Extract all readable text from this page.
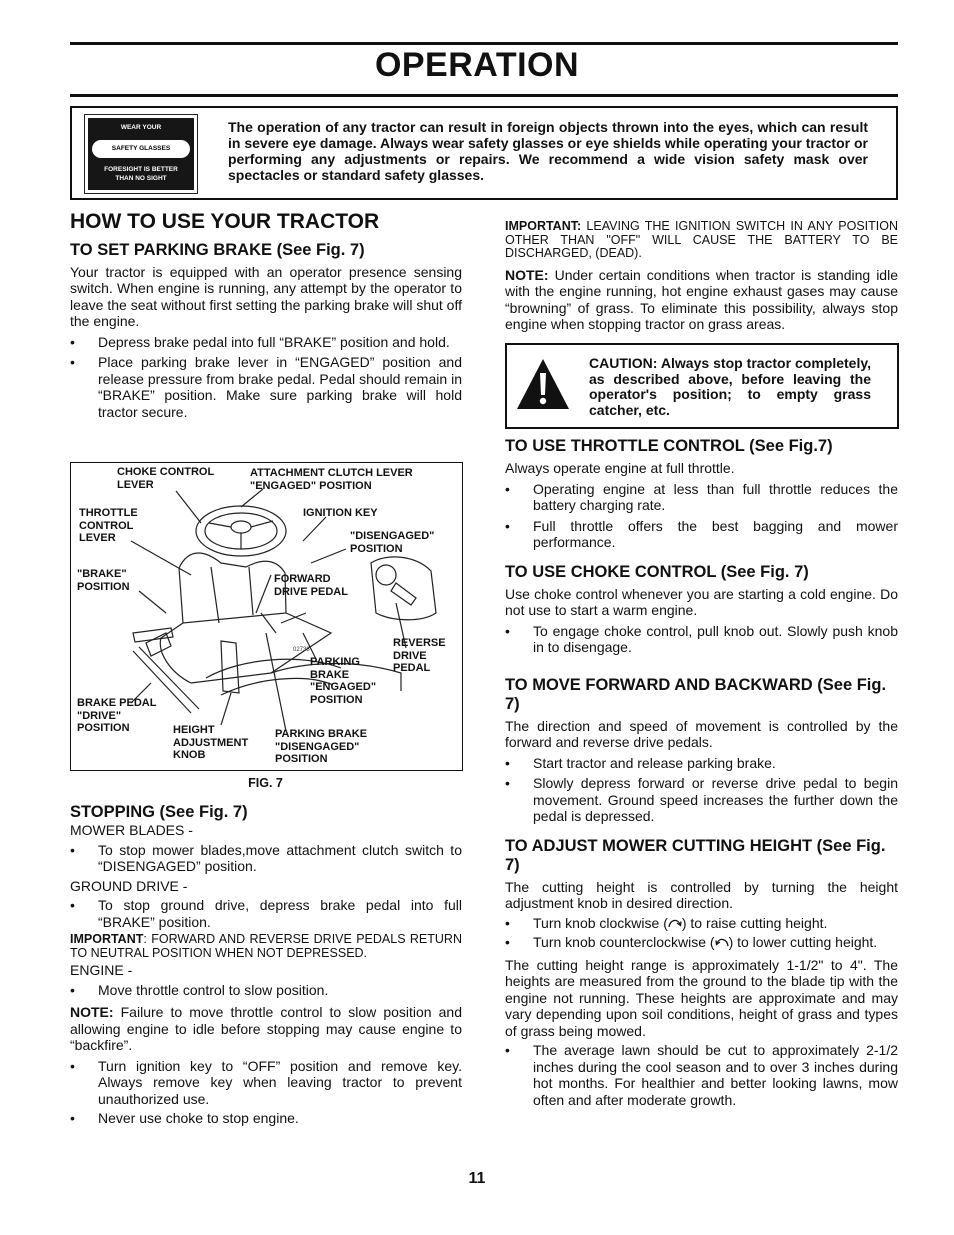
OPERATION
WEAR YOUR
SAFETY GLASSES
FORESIGHT IS BETTER
THAN NO SIGHT
The operation of any tractor can result in foreign objects thrown into the eyes, which can result in severe eye damage. Always wear safety glasses or eye shields while operating your tractor or performing any adjustments or repairs. We recommend a wide vision safety mask over spectacles or standard safety glasses.
HOW TO USE YOUR TRACTOR
TO SET PARKING BRAKE (See Fig. 7)

Your tractor is equipped with an operator presence sensing switch. When engine is running, any attempt by the operator to leave the seat without first setting the parking brake will shut off the engine.

• Depress brake pedal into full “BRAKE” position and hold.
• Place parking brake lever in “ENGAGED” position and release pressure from brake pedal. Pedal should remain in “BRAKE” position. Make sure parking brake will hold tractor secure.
02738
CHOKE CONTROL
LEVER
ATTACHMENT CLUTCH LEVER
"ENGAGED" POSITION
THROTTLE
CONTROL
LEVER
IGNITION KEY
"DISENGAGED"
POSITION
"BRAKE"
POSITION
FORWARD
DRIVE PEDAL
REVERSE
DRIVE
PEDAL
PARKING
BRAKE
"ENGAGED"
POSITION
BRAKE PEDAL
"DRIVE"
POSITION	HEIGHT
ADJUSTMENT
KNOB
PARKING BRAKE
"DISENGAGED"
POSITION
FIG. 7
STOPPING (See Fig. 7)

MOWER BLADES -

• To stop mower blades,move attachment clutch switch to “DISENGAGED” position.

GROUND DRIVE -

• To stop ground drive, depress brake pedal into full “BRAKE” position.

IMPORTANT: FORWARD AND REVERSE DRIVE PEDALS RETURN TO NEUTRAL POSITION WHEN NOT DEPRESSED.

ENGINE -

• Move throttle control to slow position.

NOTE: Failure to move throttle control to slow position and allowing engine to idle before stopping may cause engine to “backfire”.

• Turn ignition key to “OFF” position and remove key. Always remove key when leaving tractor to prevent unauthorized use.
• Never use choke to stop engine.

IMPORTANT: LEAVING THE IGNITION SWITCH IN ANY POSITION OTHER THAN "OFF" WILL CAUSE THE BATTERY TO BE DISCHARGED, (DEAD).

NOTE: Under certain conditions when tractor is standing idle with the engine running, hot engine exhaust gases may cause “browning” of grass. To eliminate this possibility, always stop engine when stopping tractor on grass areas.

CAUTION: Always stop tractor completely, as described above, before leaving the operator's position; to empty grass catcher, etc.
TO USE THROTTLE CONTROL (See Fig.7)

Always operate engine at full throttle.

• Operating engine at less than full throttle reduces the battery charging rate.
• Full throttle offers the best bagging and mower performance.
TO USE CHOKE CONTROL (See Fig. 7)

Use choke control whenever you are starting a cold engine. Do not use to start a warm engine.

• To engage choke control, pull knob out. Slowly push knob in to disengage.
TO MOVE FORWARD AND BACKWARD (See Fig. 7)

The direction and speed of movement is controlled by the forward and reverse drive pedals.

• Start tractor and release parking brake.
• Slowly depress forward or reverse drive pedal to begin movement. Ground speed increases the further down the pedal is depressed.
TO ADJUST MOWER CUTTING HEIGHT (See Fig. 7)

The cutting height is controlled by turning the height adjustment knob in desired direction.

• Turn knob clockwise ( ) to raise cutting height.
• Turn knob counterclockwise ( ) to lower cutting height.

The cutting height range is approximately 1-1/2" to 4". The heights are measured from the ground to the blade tip with the engine not running. These heights are approximate and may vary depending upon soil conditions, height of grass and types of grass being mowed.

• The average lawn should be cut to approximately 2-1/2 inches during the cool season and to over 3 inches during hot months. For healthier and better looking lawns, mow often and after moderate growth.
11
